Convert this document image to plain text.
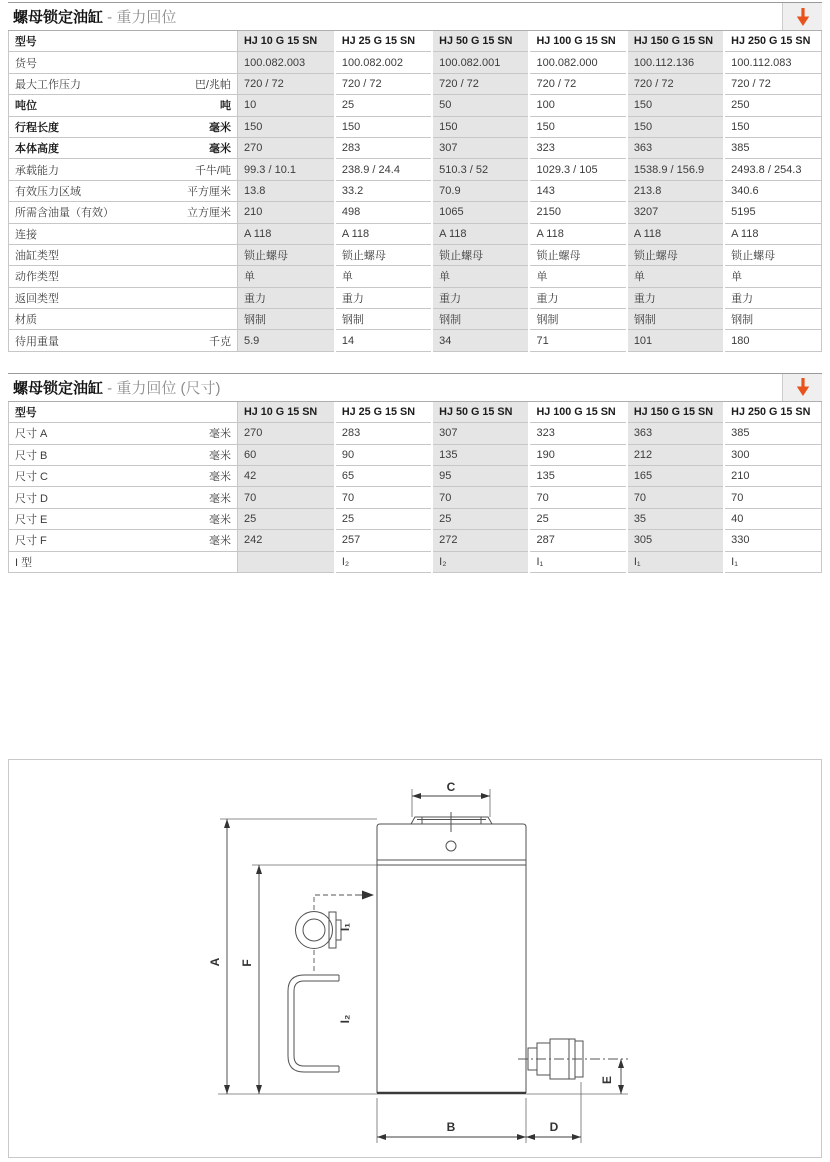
螺母锁定油缸 - 重力回位
型号	HJ 10 G 15 SN	HJ 25 G 15 SN	HJ 50 G 15 SN	HJ 100 G 15 SN	HJ 150 G 15 SN	HJ 250 G 15 SN

货号	100.082.003	100.082.002	100.082.001	100.082.000	100.112.136	100.112.083

最大工作压力 巴/兆帕	720 / 72	720 / 72	720 / 72	720 / 72	720 / 72	720 / 72

吨位 吨	10	25	50	100	150	250

行程长度 毫米	150	150	150	150	150	150

本体高度 毫米	270	283	307	323	363	385

承载能力 千牛/吨	99.3 / 10.1	238.9 / 24.4	510.3 / 52	1029.3 / 105	1538.9 / 156.9	2493.8 / 254.3

有效压力区域 平方厘米	13.8	33.2	70.9	143	213.8	340.6

所需含油量（有效） 立方厘米	210	498	1065	2150	3207	5195

连接	A 118	A 118	A 118	A 118	A 118	A 118

油缸类型	锁止螺母	锁止螺母	锁止螺母	锁止螺母	锁止螺母	锁止螺母

动作类型	单	单	单	单	单	单

返回类型	重力	重力	重力	重力	重力	重力

材质	钢制	钢制	钢制	钢制	钢制	钢制

待用重量 千克	5.9	14	34	71	101	180
螺母锁定油缸 - 重力回位 (尺寸)
型号	HJ 10 G 15 SN	HJ 25 G 15 SN	HJ 50 G 15 SN	HJ 100 G 15 SN	HJ 150 G 15 SN	HJ 250 G 15 SN

尺寸 A 毫米	270	283	307	323	363	385

尺寸 B 毫米	60	90	135	190	212	300

尺寸 C 毫米	42	65	95	135	165	210

尺寸 D 毫米	70	70	70	70	70	70

尺寸 E 毫米	25	25	25	25	35	40

尺寸 F 毫米	242	257	272	287	305	330

I 型		I₂	I₂	I₁	I₁	I₁
C
A F
I₁
I₂
E
B	D
